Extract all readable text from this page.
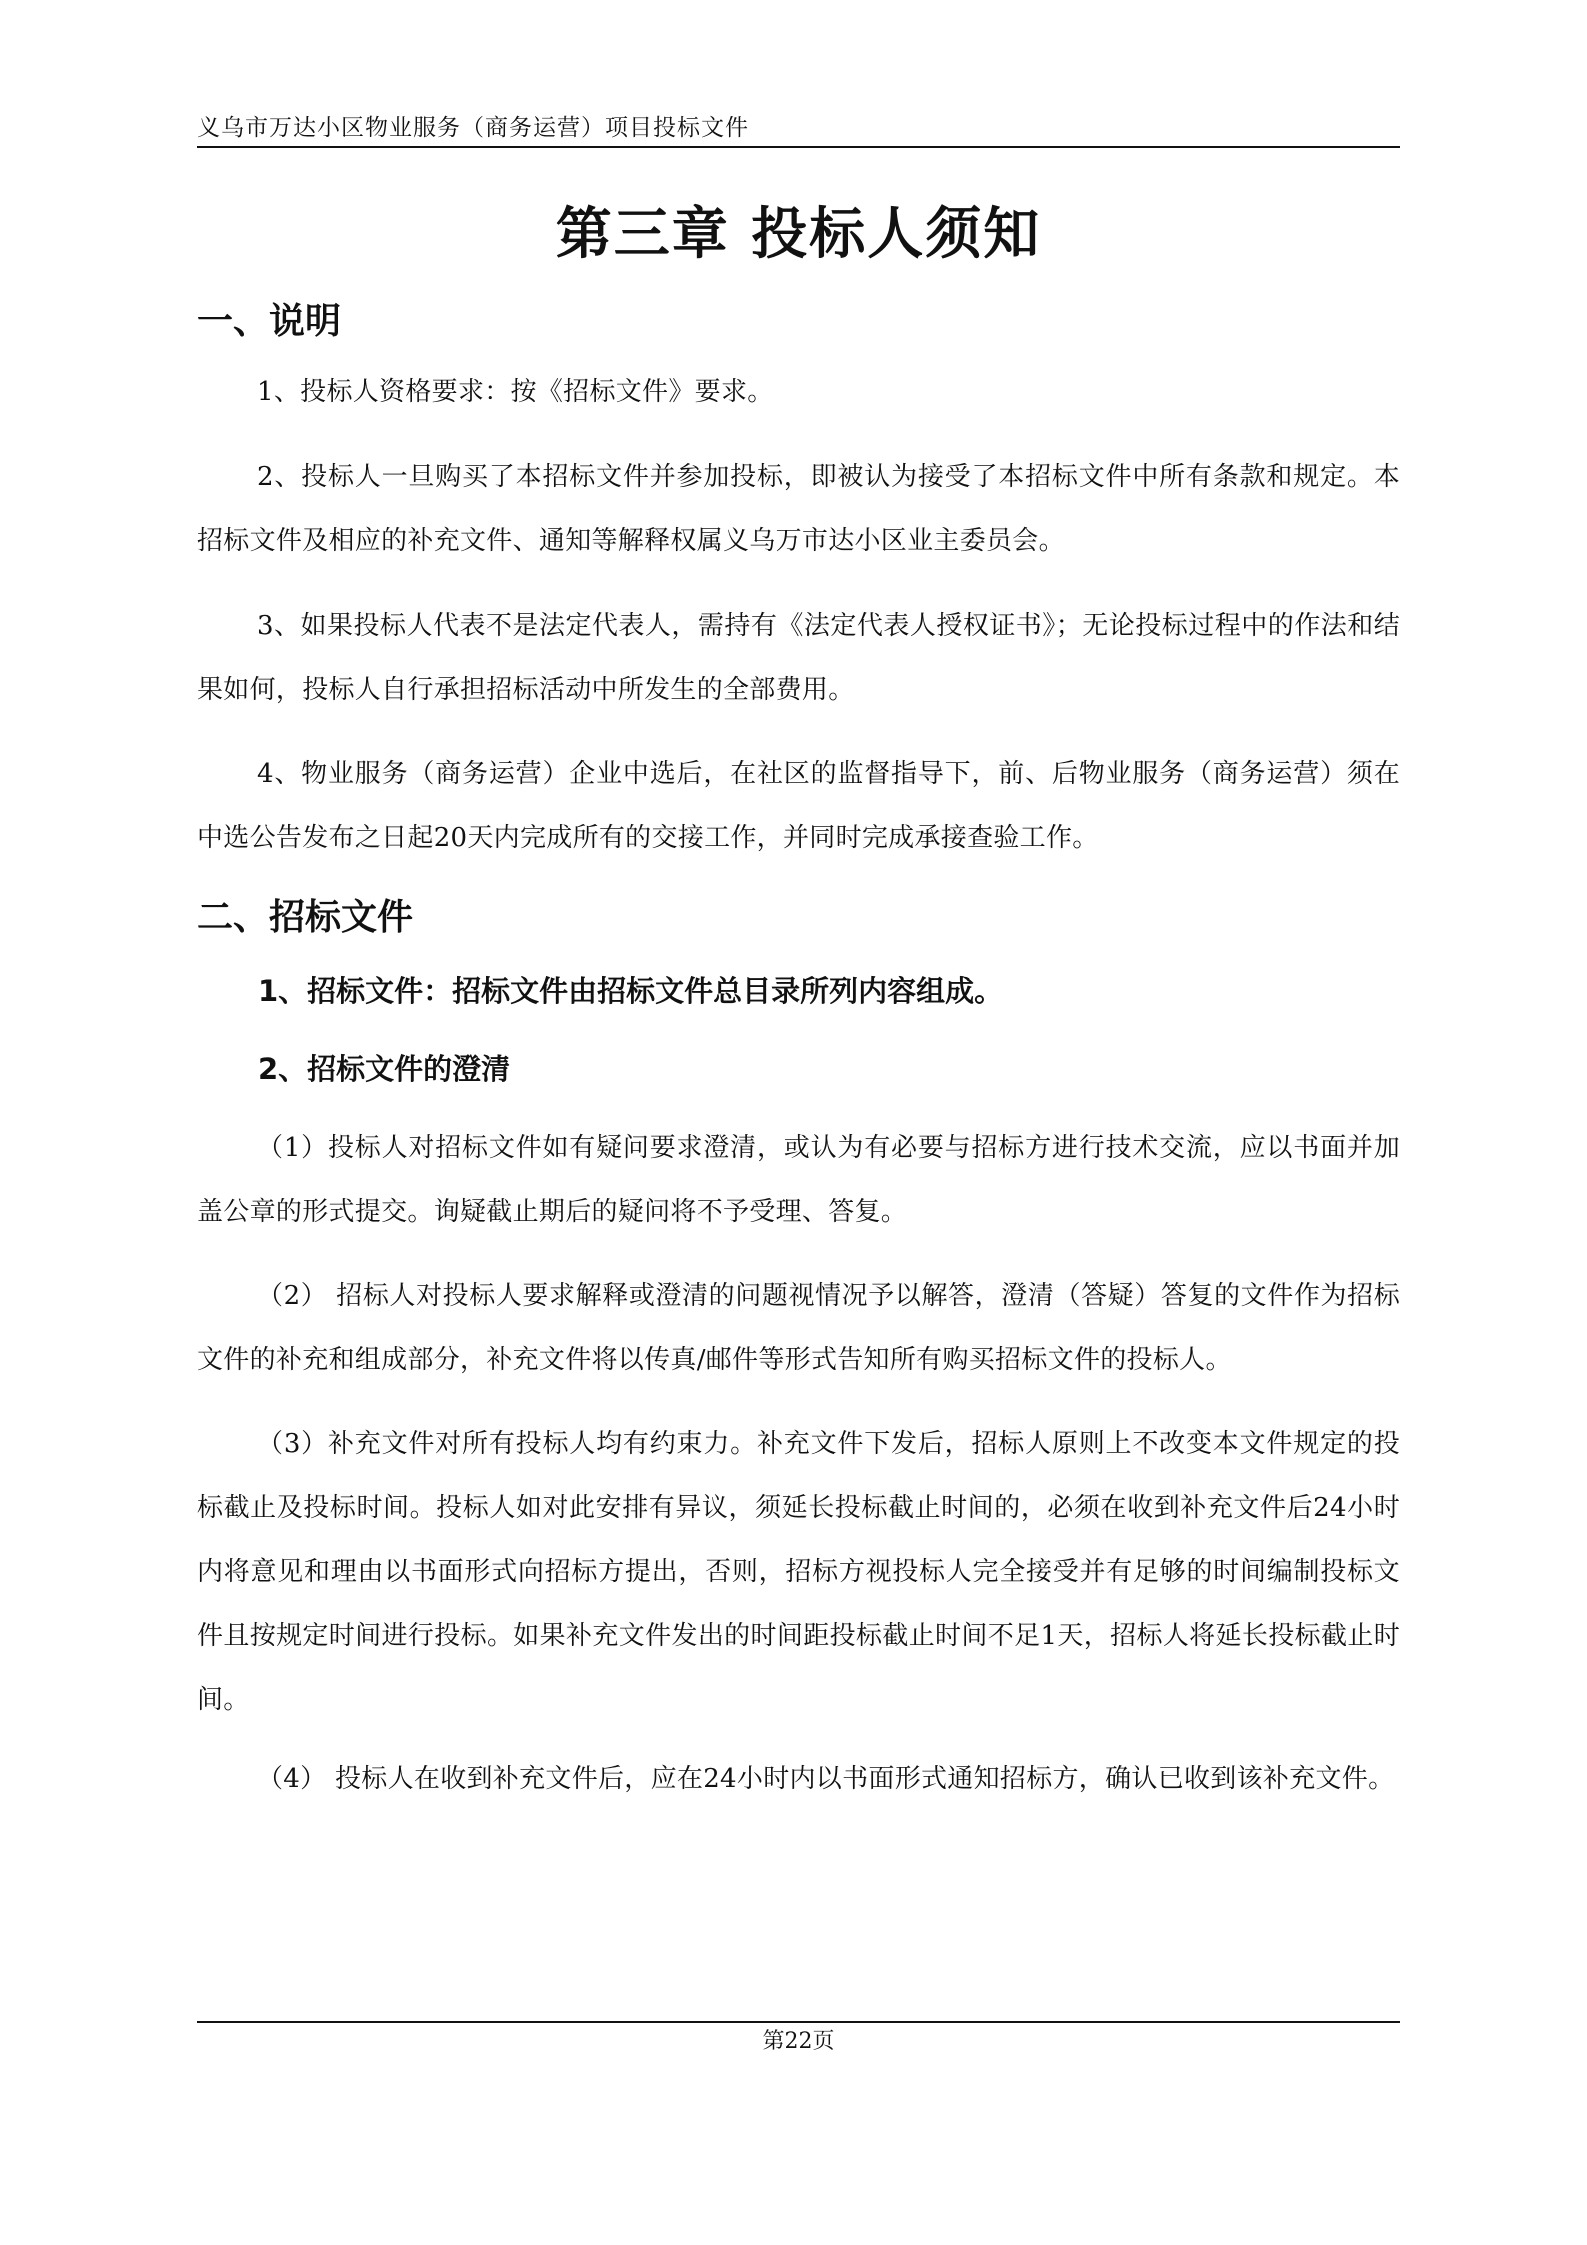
义乌市万达小区物业服务（商务运营）项目投标文件
第三章 投标人须知
一、说明
1、投标人资格要求：按《招标文件》要求。
2、投标人一旦购买了本招标文件并参加投标，即被认为接受了本招标文件中所有条款和规定。本招标文件及相应的补充文件、通知等解释权属义乌万市达小区业主委员会。
3、如果投标人代表不是法定代表人，需持有《法定代表人授权证书》；无论投标过程中的作法和结果如何，投标人自行承担招标活动中所发生的全部费用。
4、物业服务（商务运营）企业中选后，在社区的监督指导下，前、后物业服务（商务运营）须在中选公告发布之日起20天内完成所有的交接工作，并同时完成承接查验工作。
二、招标文件
1、招标文件：招标文件由招标文件总目录所列内容组成。
2、招标文件的澄清
（1）投标人对招标文件如有疑问要求澄清，或认为有必要与招标方进行技术交流，应以书面并加盖公章的形式提交。询疑截止期后的疑问将不予受理、答复。
（2） 招标人对投标人要求解释或澄清的问题视情况予以解答，澄清（答疑）答复的文件作为招标文件的补充和组成部分，补充文件将以传真/邮件等形式告知所有购买招标文件的投标人。
（3）补充文件对所有投标人均有约束力。补充文件下发后，招标人原则上不改变本文件规定的投标截止及投标时间。投标人如对此安排有异议，须延长投标截止时间的，必须在收到补充文件后24小时内将意见和理由以书面形式向招标方提出，否则，招标方视投标人完全接受并有足够的时间编制投标文件且按规定时间进行投标。如果补充文件发出的时间距投标截止时间不足1天，招标人将延长投标截止时间。
（4） 投标人在收到补充文件后，应在24小时内以书面形式通知招标方，确认已收到该补充文件。
第22页
